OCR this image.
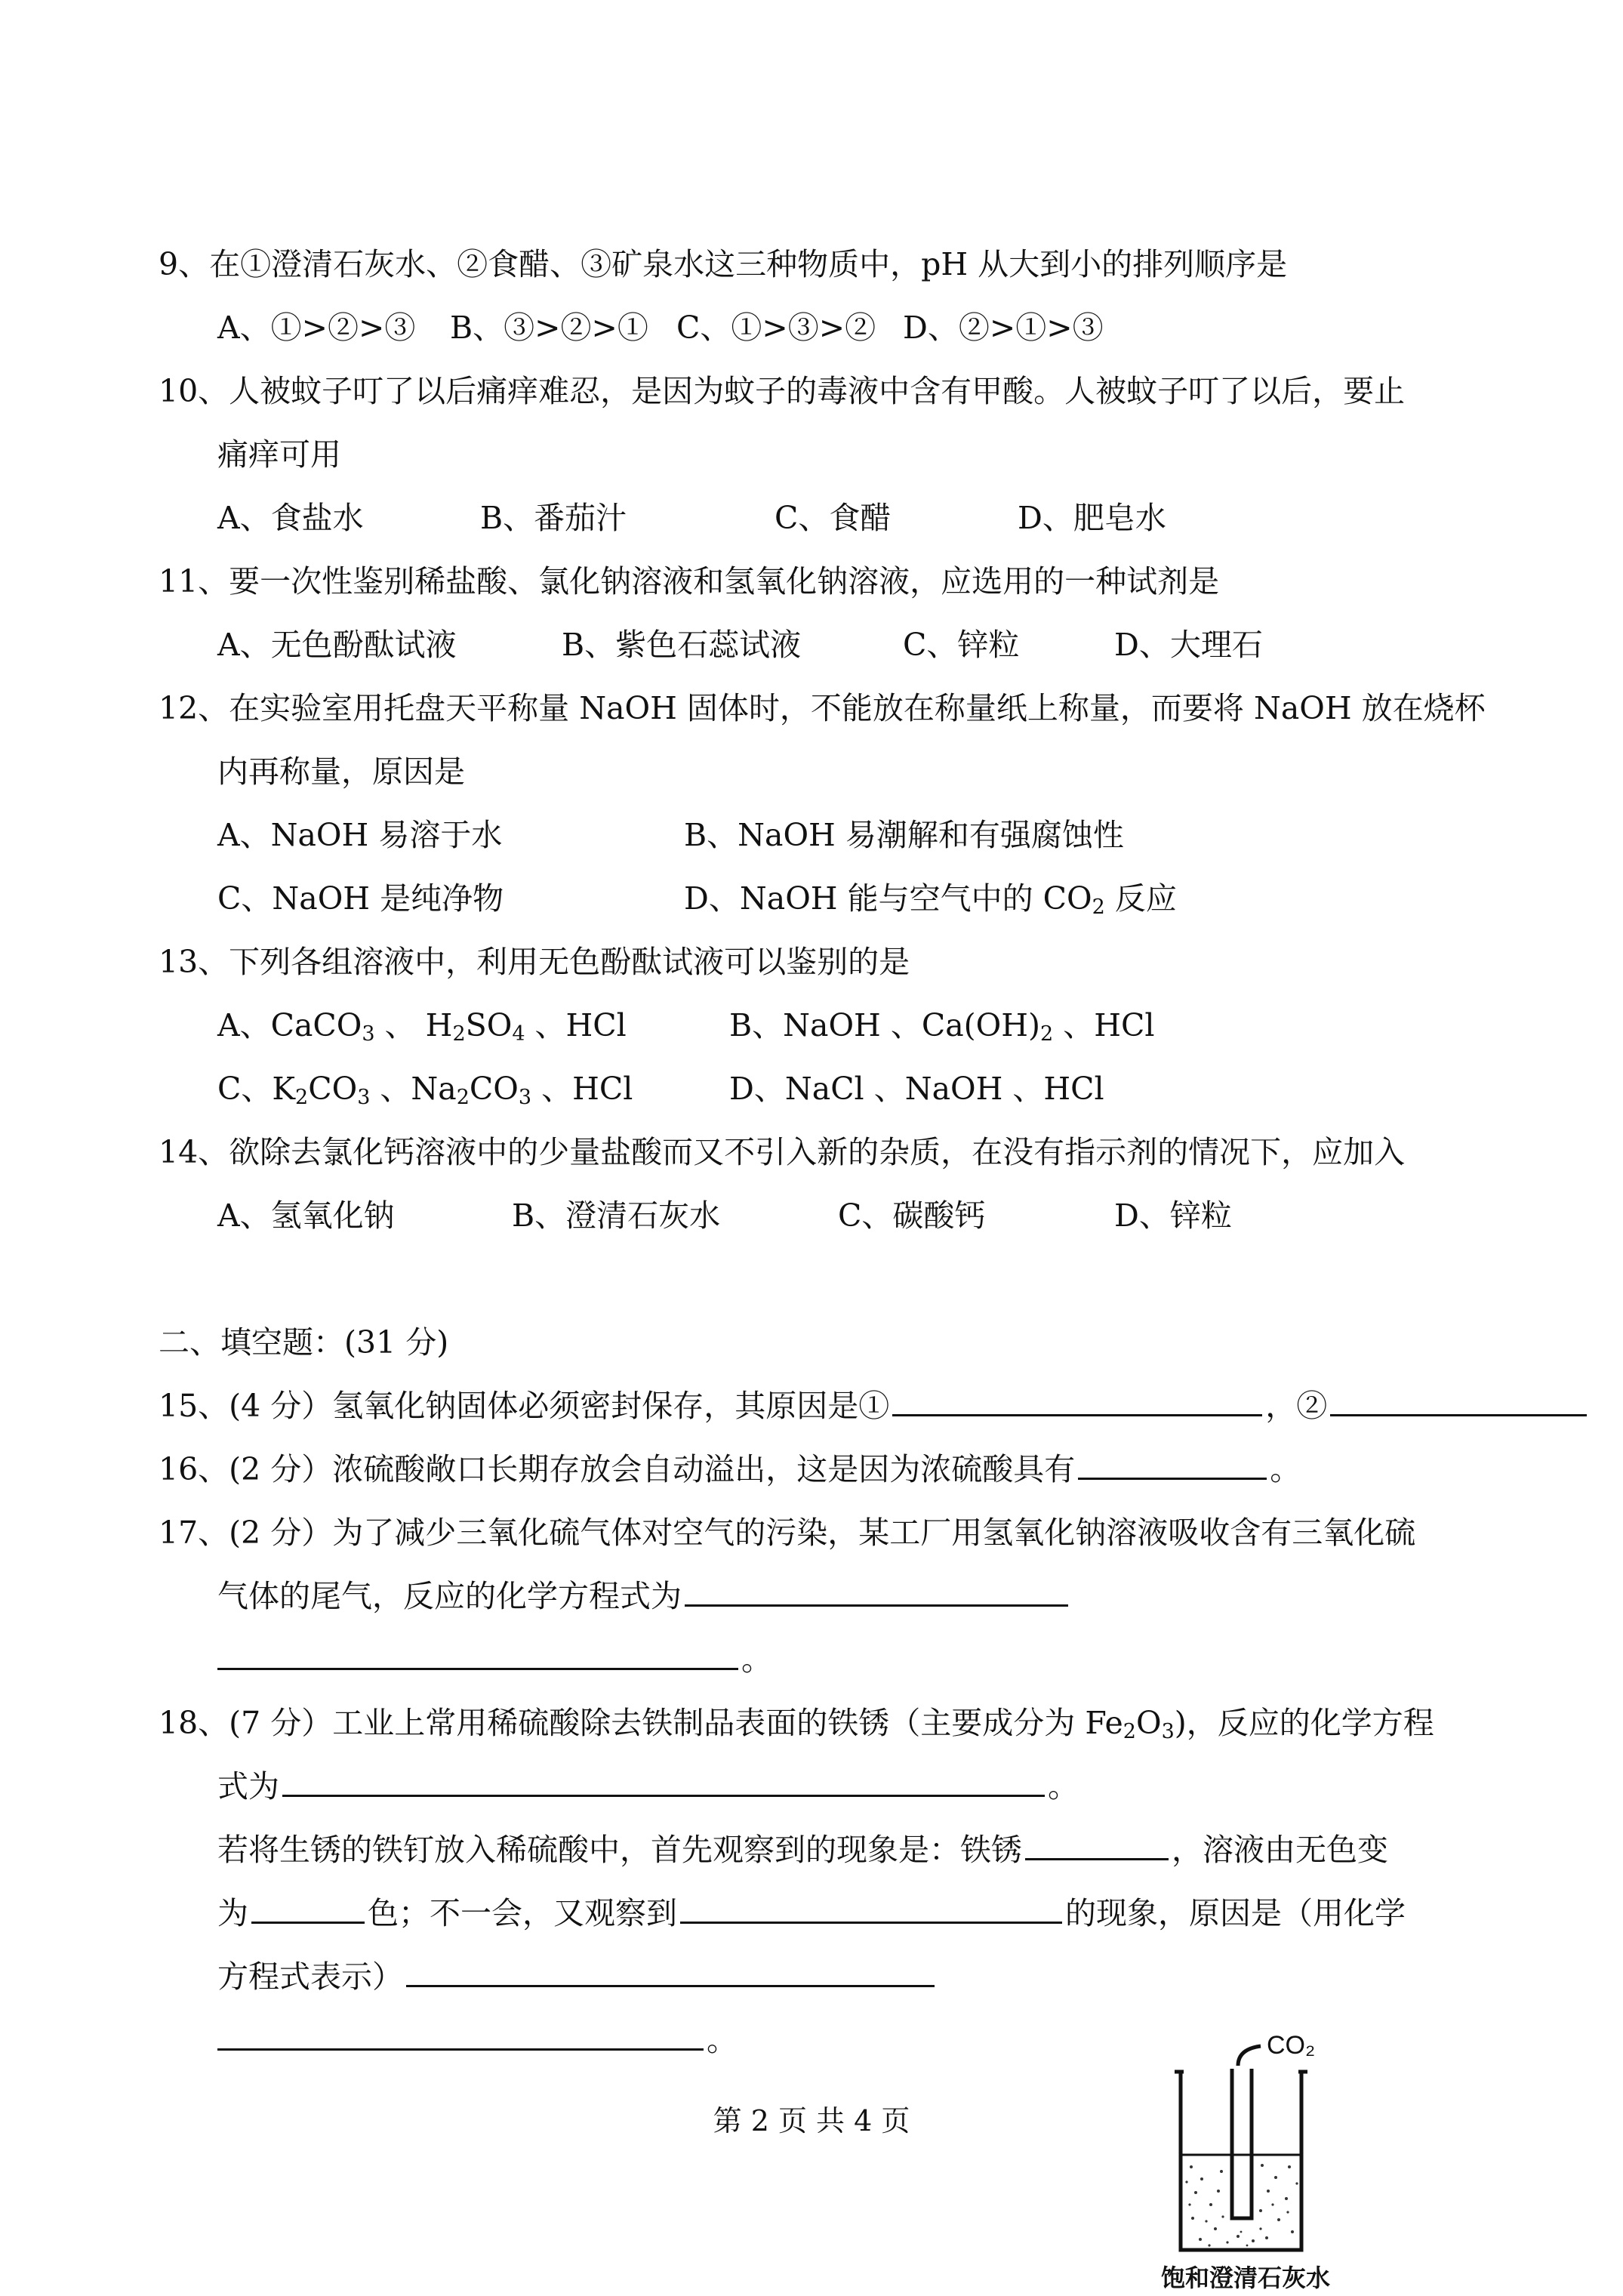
9、在①澄清石灰水、②食醋、③矿泉水这三种物质中，pH 从大到小的排列顺序是
A、①>②>③ B、③>②>① C、①>③>② D、②>①>③
10、人被蚊子叮了以后痛痒难忍，是因为蚊子的毒液中含有甲酸。人被蚊子叮了以后，要止
痛痒可用
A、食盐水	B、番茄汁	C、食醋	D、肥皂水
11、要一次性鉴别稀盐酸、氯化钠溶液和氢氧化钠溶液，应选用的一种试剂是
A、无色酚酞试液	B、紫色石蕊试液	C、锌粒	D、大理石
12、在实验室用托盘天平称量 NaOH 固体时，不能放在称量纸上称量，而要将 NaOH 放在烧杯
内再称量，原因是
A、NaOH 易溶于水	B、NaOH 易潮解和有强腐蚀性
C、NaOH 是纯净物	D、NaOH 能与空气中的 $CO_2$ 反应
13、下列各组溶液中，利用无色酚酞试液可以鉴别的是
A、CaCO$_3$ 、 $H_2SO_4$ 、HCl	B、NaOH 、$Ca(OH)_2$ 、HCl
C、$K_2CO_3$ 、$Na_2CO_3$ 、HCl	D、NaCl 、NaOH 、HCl
14、欲除去氯化钙溶液中的少量盐酸而又不引入新的杂质，在没有指示剂的情况下，应加入
A、氢氧化钠	B、澄清石灰水	C、碳酸钙	D、锌粒
二、填空题：(31 分)
15、(4 分）氢氧化钠固体必须密封保存，其原因是①	，②
16、(2 分）浓硫酸敞口长期存放会自动溢出，这是因为浓硫酸具有	。
17、(2 分）为了减少三氧化硫气体对空气的污染，某工厂用氢氧化钠溶液吸收含有三氧化硫
气体的尾气，反应的化学方程式为
。
18、(7 分）工业上常用稀硫酸除去铁制品表面的铁锈（主要成分为 $Fe_2O_3$)，反应的化学方程
式为	。
若将生锈的铁钉放入稀硫酸中，首先观察到的现象是：铁锈	，溶液由无色变
为	色；不一会，又观察到	的现象，原因是（用化学
方程式表示）
。	CO₂
饱和澄清石灰水
第 2 页 共 4 页
